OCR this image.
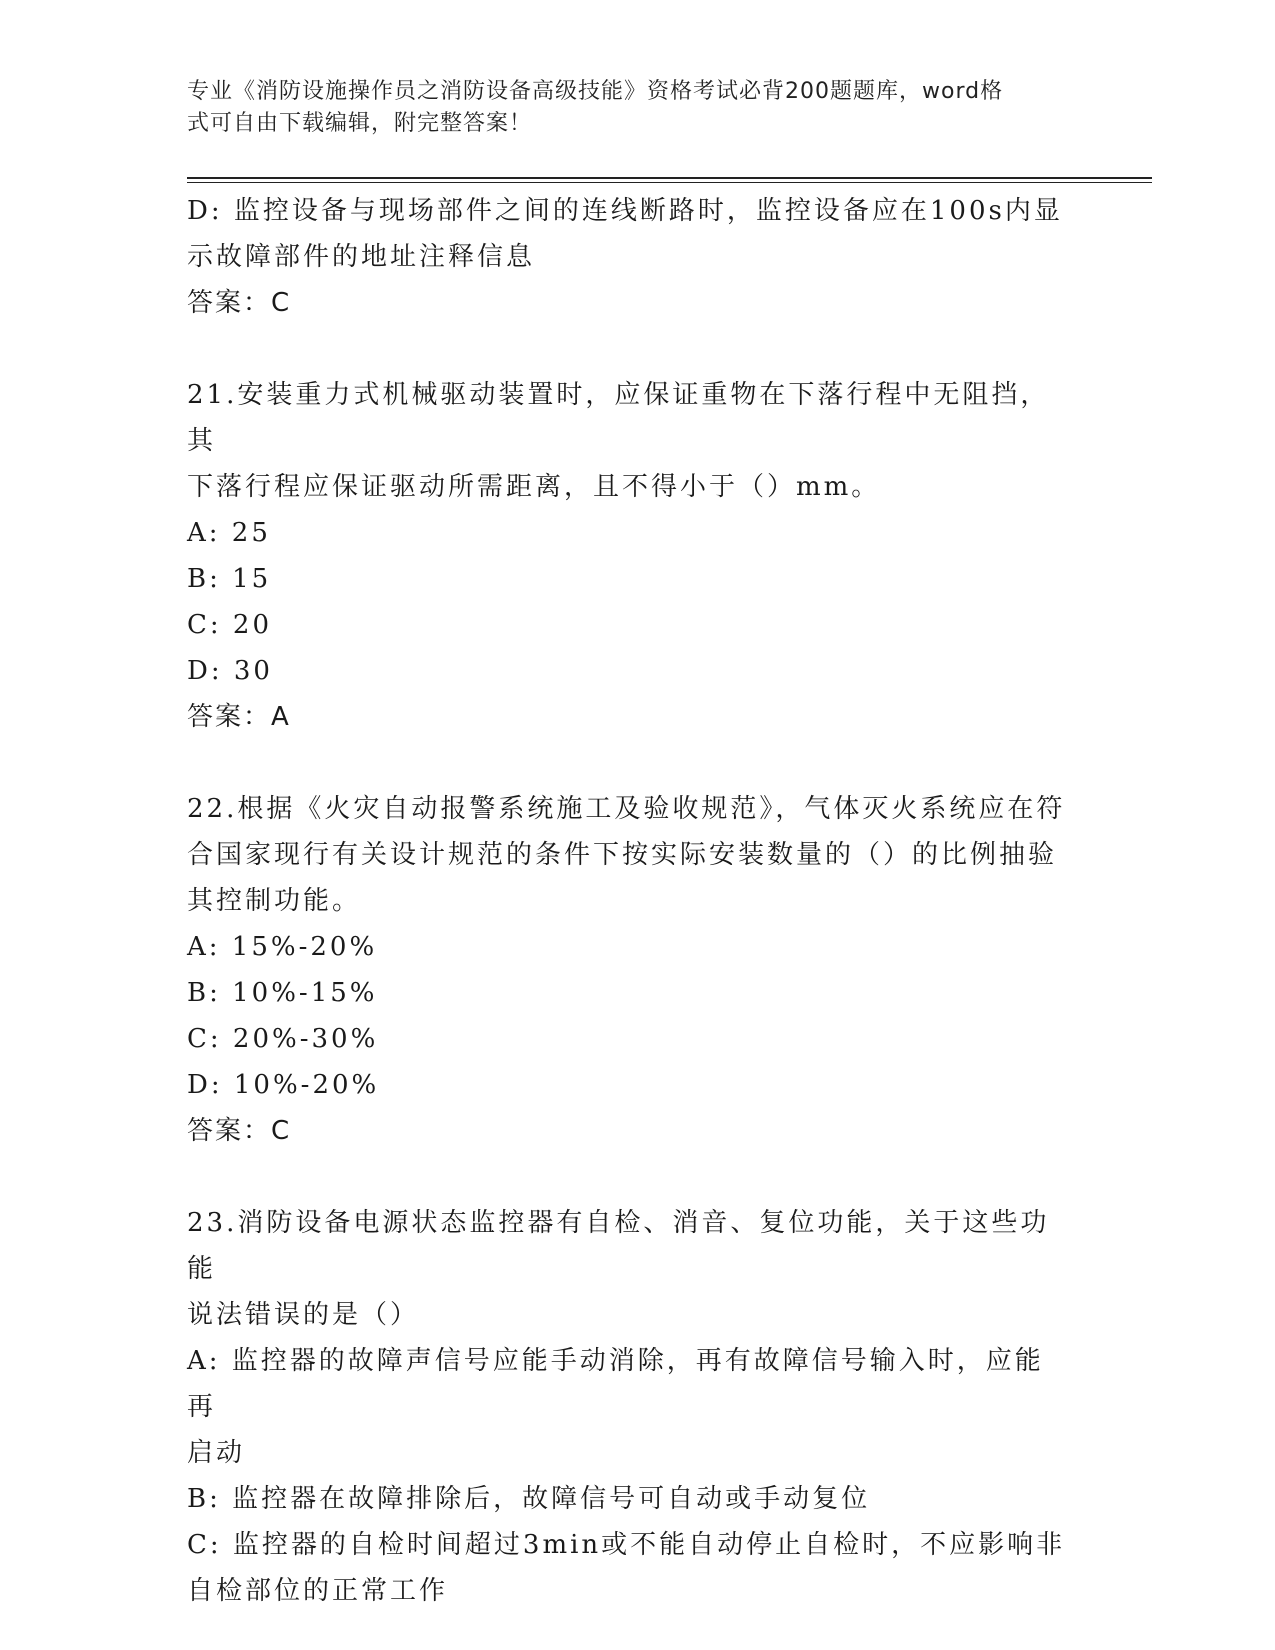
专业《消防设施操作员之消防设备高级技能》资格考试必背200题题库，word格
式可自由下载编辑，附完整答案！
D: 监控设备与现场部件之间的连线断路时，监控设备应在100s内显
示故障部件的地址注释信息
答案：C
21.安装重力式机械驱动装置时，应保证重物在下落行程中无阻挡，其
下落行程应保证驱动所需距离，且不得小于（）mm。
A: 25
B: 15
C: 20
D: 30
答案：A
22.根据《火灾自动报警系统施工及验收规范》，气体灭火系统应在符
合国家现行有关设计规范的条件下按实际安装数量的（）的比例抽验
其控制功能。
A: 15%-20%
B: 10%-15%
C: 20%-30%
D: 10%-20%
答案：C
23.消防设备电源状态监控器有自检、消音、复位功能，关于这些功能
说法错误的是（）
A: 监控器的故障声信号应能手动消除，再有故障信号输入时，应能再
启动
B: 监控器在故障排除后，故障信号可自动或手动复位
C: 监控器的自检时间超过3min或不能自动停止自检时，不应影响非
自检部位的正常工作
